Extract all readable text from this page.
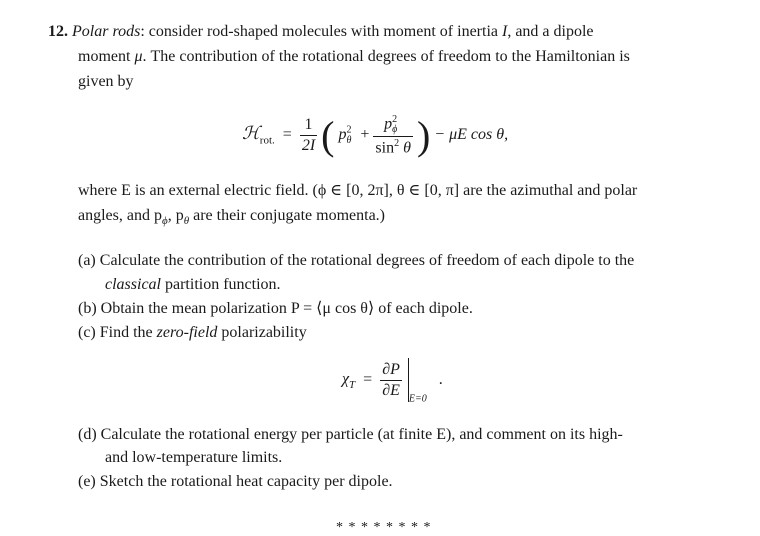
12. Polar rods: consider rod-shaped molecules with moment of inertia I, and a dipole
moment μ. The contribution of the rotational degrees of freedom to the Hamiltonian is
given by
ℋ$_{rot.}$ = $\frac{1}{2I}$ ( $p^2_\theta + \frac{p^2_\phi}{\sin^2 \theta}$ ) − μE cos θ,
where E is an external electric field. (ϕ ∈ [0, 2π], θ ∈ [0, π] are the azimuthal and polar
angles, and $p_\phi$, $p_\theta$ are their conjugate momenta.)
(a) Calculate the contribution of the rotational degrees of freedom of each dipole to the
classical partition function.
(b) Obtain the mean polarization P = ⟨μ cos θ⟩ of each dipole.
(c) Find the zero-field polarizability
$\chi_T = \frac{\partial P}{\partial E} _{E=0}$ .
(d) Calculate the rotational energy per particle (at finite E), and comment on its high-
and low-temperature limits.
(e) Sketch the rotational heat capacity per dipole.
* * * * * * * *
